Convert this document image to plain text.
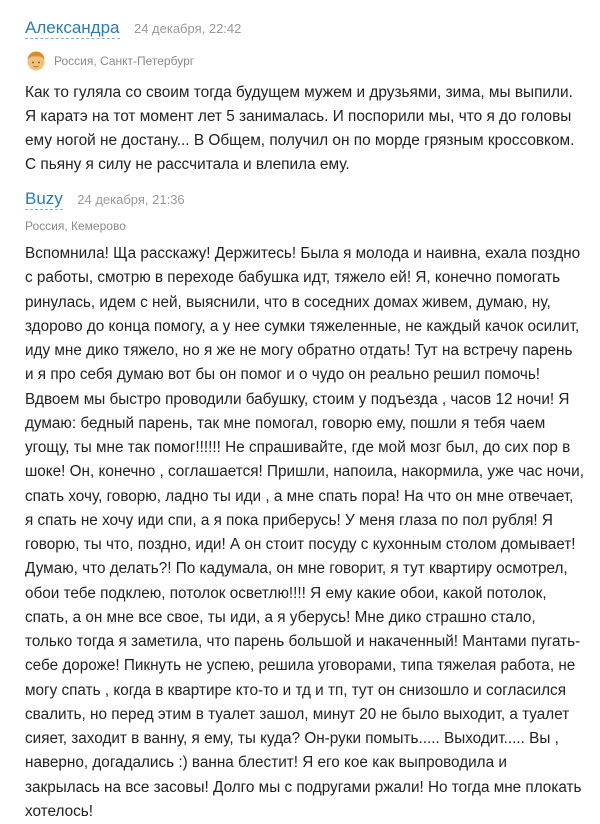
Александра 24 декабря, 22:42
Россия, Санкт-Петербург
Как то гуляла со своим тогда будущем мужем и друзьями, зима, мы выпили. Я каратэ на тот момент лет 5 занималась. И поспорили мы, что я до головы ему ногой не достану... В Общем, получил он по морде грязным кроссовком. С пьяну я силу не рассчитала и влепила ему.
Buzy 24 декабря, 21:36
Россия, Кемерово
Вспомнила! Ща расскажу! Держитесь! Была я молода и наивна, ехала поздно с работы, смотрю в переходе бабушка идт, тяжело ей! Я, конечно помогать ринулась, идем с ней, выяснили, что в соседних домах живем, думаю, ну, здорово до конца помогу, а у нее сумки тяжеленные, не каждый качок осилит, иду мне дико тяжело, но я же не могу обратно отдать! Тут на встречу парень и я про себя думаю вот бы он помог и о чудо он реально решил помочь! Вдвоем мы быстро проводили бабушку, стоим у подъезда , часов 12 ночи! Я думаю: бедный парень, так мне помогал, говорю ему, пошли я тебя чаем угощу, ты мне так помог!!!!!! Не спрашивайте, где мой мозг был, до сих пор в шоке! Он, конечно , соглашается! Пришли, напоила, накормила, уже час ночи, спать хочу, говорю, ладно ты иди , а мне спать пора! На что он мне отвечает, я спать не хочу иди спи, а я пока приберусь! У меня глаза по пол рубля! Я говорю, ты что, поздно, иди! А он стоит посуду с кухонным столом домывает! Думаю, что делать?! По кадумала, он мне говорит, я тут квартиру осмотрел, обои тебе подклею, потолок осветлю!!!! Я ему какие обои, какой потолок, спать, а он мне все свое, ты иди, а я уберусь! Мне дико страшно стало, только тогда я заметила, что парень большой и накаченный! Мантами пугать- себе дороже! Пикнуть не успею, решила уговорами, типа тяжелая работа, не могу спать , когда в квартире кто-то и тд и тп, тут он снизошло и согласился свалить, но перед этим в туалет зашол, минут 20 не было выходит, а туалет сияет, заходит в ванну, я ему, ты куда? Он-руки помыть..... Выходит..... Вы , наверно, догадались :) ванна блестит! Я его кое как выпроводила и закрылась на все засовы! Долго мы с подругами ржали! Но тогда мне плокать хотелось!
